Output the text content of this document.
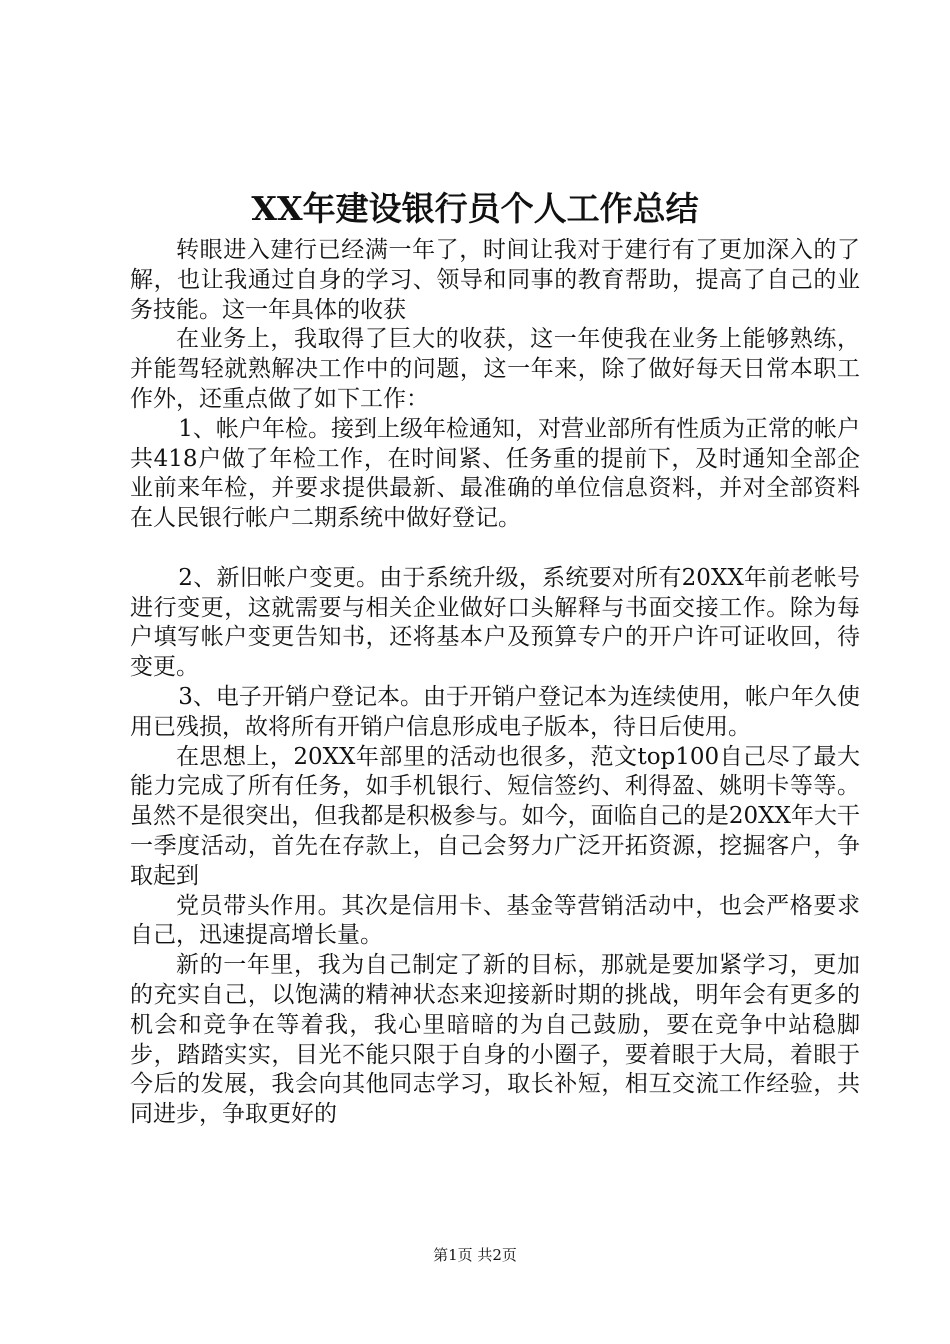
XX年建设银行员个人工作总结

转眼进入建行已经满一年了，时间让我对于建行有了更加深入的了解，也让我通过自身的学习、领导和同事的教育帮助，提高了自己的业务技能。这一年具体的收获

在业务上，我取得了巨大的收获，这一年使我在业务上能够熟练，并能驾轻就熟解决工作中的问题，这一年来，除了做好每天日常本职工作外，还重点做了如下工作：

1、帐户年检。接到上级年检通知，对营业部所有性质为正常的帐户共418户做了年检工作，在时间紧、任务重的提前下，及时通知全部企业前来年检，并要求提供最新、最准确的单位信息资料，并对全部资料在人民银行帐户二期系统中做好登记。

2、新旧帐户变更。由于系统升级，系统要对所有20XX年前老帐号进行变更，这就需要与相关企业做好口头解释与书面交接工作。除为每户填写帐户变更告知书，还将基本户及预算专户的开户许可证收回，待变更。

3、电子开销户登记本。由于开销户登记本为连续使用，帐户年久使用已残损，故将所有开销户信息形成电子版本，待日后使用。

在思想上，20XX年部里的活动也很多，范文top100自己尽了最大能力完成了所有任务，如手机银行、短信签约、利得盈、姚明卡等等。虽然不是很突出，但我都是积极参与。如今，面临自己的是20XX年大干一季度活动，首先在存款上，自己会努力广泛开拓资源，挖掘客户，争取起到

党员带头作用。其次是信用卡、基金等营销活动中，也会严格要求自己，迅速提高增长量。

新的一年里，我为自己制定了新的目标，那就是要加紧学习，更加的充实自己，以饱满的精神状态来迎接新时期的挑战，明年会有更多的机会和竞争在等着我，我心里暗暗的为自己鼓励，要在竞争中站稳脚步，踏踏实实，目光不能只限于自身的小圈子，要着眼于大局，着眼于今后的发展，我会向其他同志学习，取长补短，相互交流工作经验，共同进步，争取更好的

第1页 共2页
